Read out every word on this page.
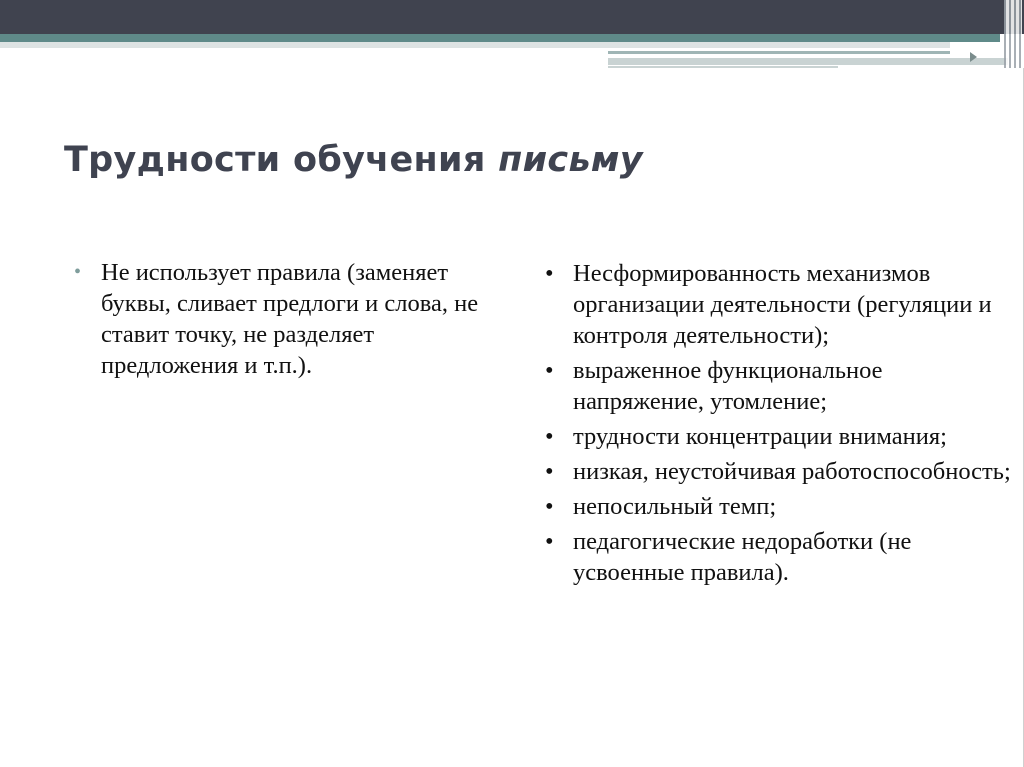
Трудности обучения письму
• Не использует правила (заменяет буквы, сливает предлоги и слова, не ставит точку, не разделяет предложения и т.п.).
• Несформированность механизмов организации деятельности (регуляции и контроля деятельности);
• выраженное функциональное напряжение, утомление;
• трудности концентрации внимания;
• низкая, неустойчивая работоспособность;
• непосильный темп;
• педагогические недоработки (не усвоенные правила).
